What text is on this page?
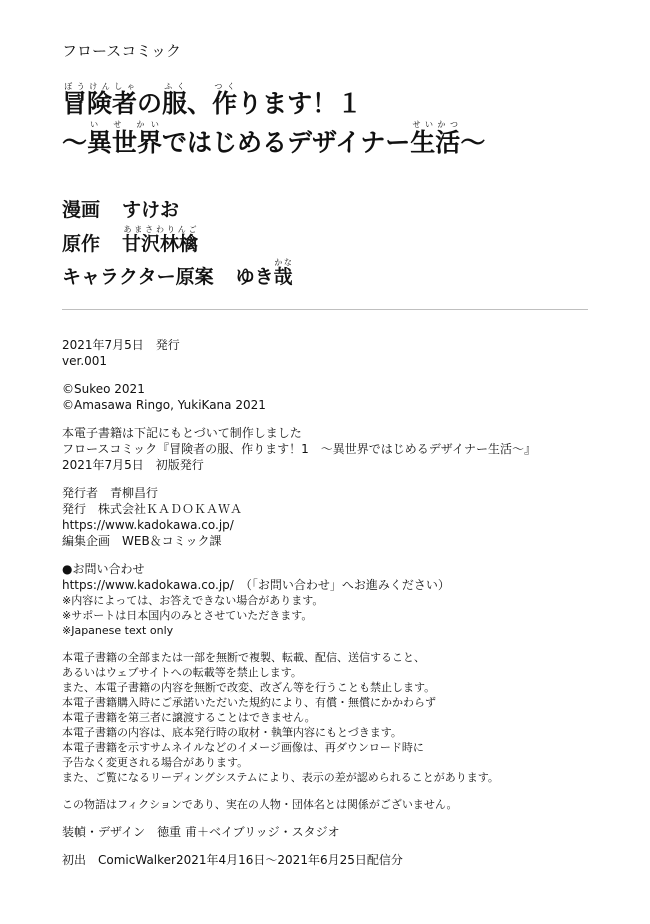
フロースコミック
冒険者ぼうけんしゃの服ふく、作つくります！１
～異世界い せ かいではじめるデザイナー生活せいかつ～
漫画 すけお
原作 甘沢林檎あまさわりんご
キャラクター原案 ゆき哉かな

2021年7月5日　発行

ver.001

©Sukeo 2021

©Amasawa Ringo, YukiKana 2021

本電子書籍は下記にもとづいて制作しました

フロースコミック『冒険者の服、作ります！1　～異世界ではじめるデザイナー生活～』

2021年7月5日　初版発行

発行者　青柳昌行

発行　株式会社ＫＡＤＯＫＡＷＡ

https://www.kadokawa.co.jp/

編集企画　WEB＆コミック課

●お問い合わせ

https://www.kadokawa.co.jp/　（「お問い合わせ」へお進みください）

※内容によっては、お答えできない場合があります。

※サポートは日本国内のみとさせていただきます。

※Japanese text only

本電子書籍の全部または一部を無断で複製、転載、配信、送信すること、

あるいはウェブサイトへの転載等を禁止します。

また、本電子書籍の内容を無断で改変、改ざん等を行うことも禁止します。

本電子書籍購入時にご承諾いただいた規約により、有償・無償にかかわらず

本電子書籍を第三者に譲渡することはできません。

本電子書籍の内容は、底本発行時の取材・執筆内容にもとづきます。

本電子書籍を示すサムネイルなどのイメージ画像は、再ダウンロード時に

予告なく変更される場合があります。

また、ご覧になるリーディングシステムにより、表示の差が認められることがあります。

この物語はフィクションであり、実在の人物・団体名とは関係がございません。

装幀・デザイン　徳重 甫＋ベイブリッジ・スタジオ

初出　ComicWalker2021年4月16日～2021年6月25日配信分
